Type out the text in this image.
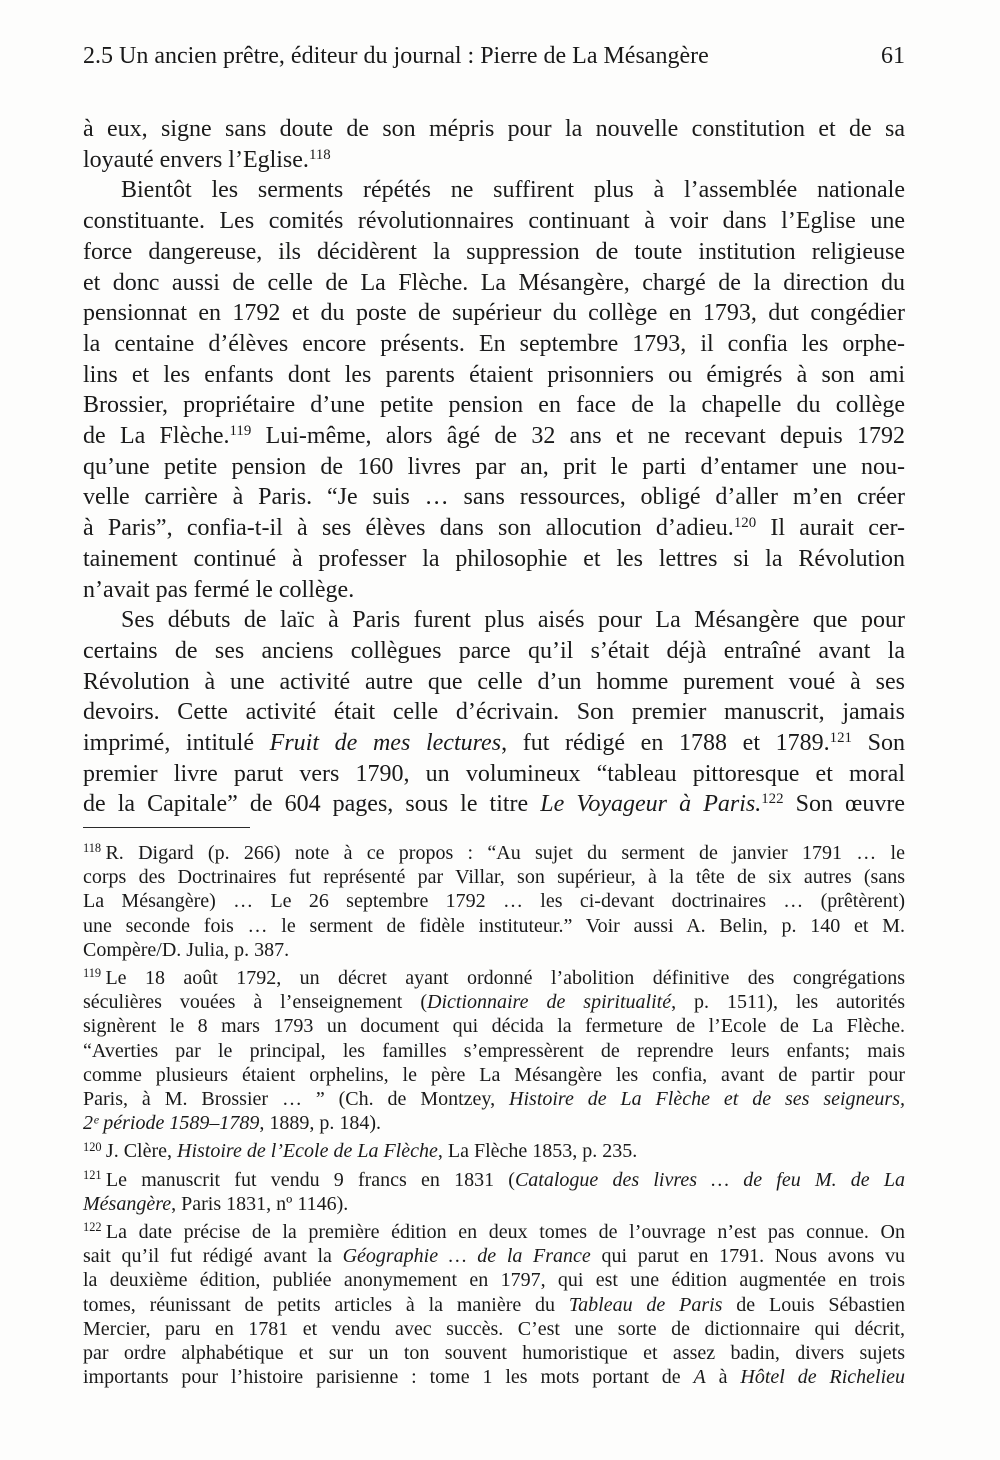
2.5 Un ancien prêtre, éditeur du journal : Pierre de La Mésangère	61
à eux, signe sans doute de son mépris pour la nouvelle constitution et de sa
loyauté envers l’Eglise.$^{118}$
Bientôt les serments répétés ne suffirent plus à l’assemblée nationale
constituante. Les comités révolutionnaires continuant à voir dans l’Eglise une
force dangereuse, ils décidèrent la suppression de toute institution religieuse
et donc aussi de celle de La Flèche. La Mésangère, chargé de la direction du
pensionnat en 1792 et du poste de supérieur du collège en 1793, dut congédier
la centaine d’élèves encore présents. En septembre 1793, il confia les orphe-
lins et les enfants dont les parents étaient prisonniers ou émigrés à son ami
Brossier, propriétaire d’une petite pension en face de la chapelle du collège
de La Flèche.$^{119}$ Lui-même, alors âgé de 32 ans et ne recevant depuis 1792
qu’une petite pension de 160 livres par an, prit le parti d’entamer une nou-
velle carrière à Paris. “Je suis … sans ressources, obligé d’aller m’en créer
à Paris”, confia-t-il à ses élèves dans son allocution d’adieu.$^{120}$ Il aurait cer-
tainement continué à professer la philosophie et les lettres si la Révolution
n’avait pas fermé le collège.
Ses débuts de laïc à Paris furent plus aisés pour La Mésangère que pour
certains de ses anciens collègues parce qu’il s’était déjà entraîné avant la
Révolution à une activité autre que celle d’un homme purement voué à ses
devoirs. Cette activité était celle d’écrivain. Son premier manuscrit, jamais
imprimé, intitulé Fruit de mes lectures, fut rédigé en 1788 et 1789.$^{121}$ Son
premier livre parut vers 1790, un volumineux “tableau pittoresque et moral
de la Capitale” de 604 pages, sous le titre Le Voyageur à Paris.$^{122}$ Son œuvre
$^{118}$ R. Digard (p. 266) note à ce propos : “Au sujet du serment de janvier 1791 … le
corps des Doctrinaires fut représenté par Villar, son supérieur, à la tête de six autres (sans
La Mésangère) … Le 26 septembre 1792 … les ci-devant doctrinaires … (prêtèrent)
une seconde fois … le serment de fidèle instituteur.” Voir aussi A. Belin, p. 140 et M.
Compère/D. Julia, p. 387.
$^{119}$ Le 18 août 1792, un décret ayant ordonné l’abolition définitive des congrégations
séculières vouées à l’enseignement (Dictionnaire de spiritualité, p. 1511), les autorités
signèrent le 8 mars 1793 un document qui décida la fermeture de l’Ecole de La Flèche.
“Averties par le principal, les familles s’empressèrent de reprendre leurs enfants; mais
comme plusieurs étaient orphelins, le père La Mésangère les confia, avant de partir pour
Paris, à M. Brossier … ” (Ch. de Montzey, Histoire de La Flèche et de ses seigneurs,
2ᵉ période 1589–1789, 1889, p. 184).
$^{120}$ J. Clère, Histoire de l’Ecole de La Flèche, La Flèche 1853, p. 235.
$^{121}$ Le manuscrit fut vendu 9 francs en 1831 (Catalogue des livres … de feu M. de La
Mésangère, Paris 1831, nº 1146).
$^{122}$ La date précise de la première édition en deux tomes de l’ouvrage n’est pas connue. On
sait qu’il fut rédigé avant la Géographie … de la France qui parut en 1791. Nous avons vu
la deuxième édition, publiée anonymement en 1797, qui est une édition augmentée en trois
tomes, réunissant de petits articles à la manière du Tableau de Paris de Louis Sébastien
Mercier, paru en 1781 et vendu avec succès. C’est une sorte de dictionnaire qui décrit,
par ordre alphabétique et sur un ton souvent humoristique et assez badin, divers sujets
importants pour l’histoire parisienne : tome 1 les mots portant de A à Hôtel de Richelieu
